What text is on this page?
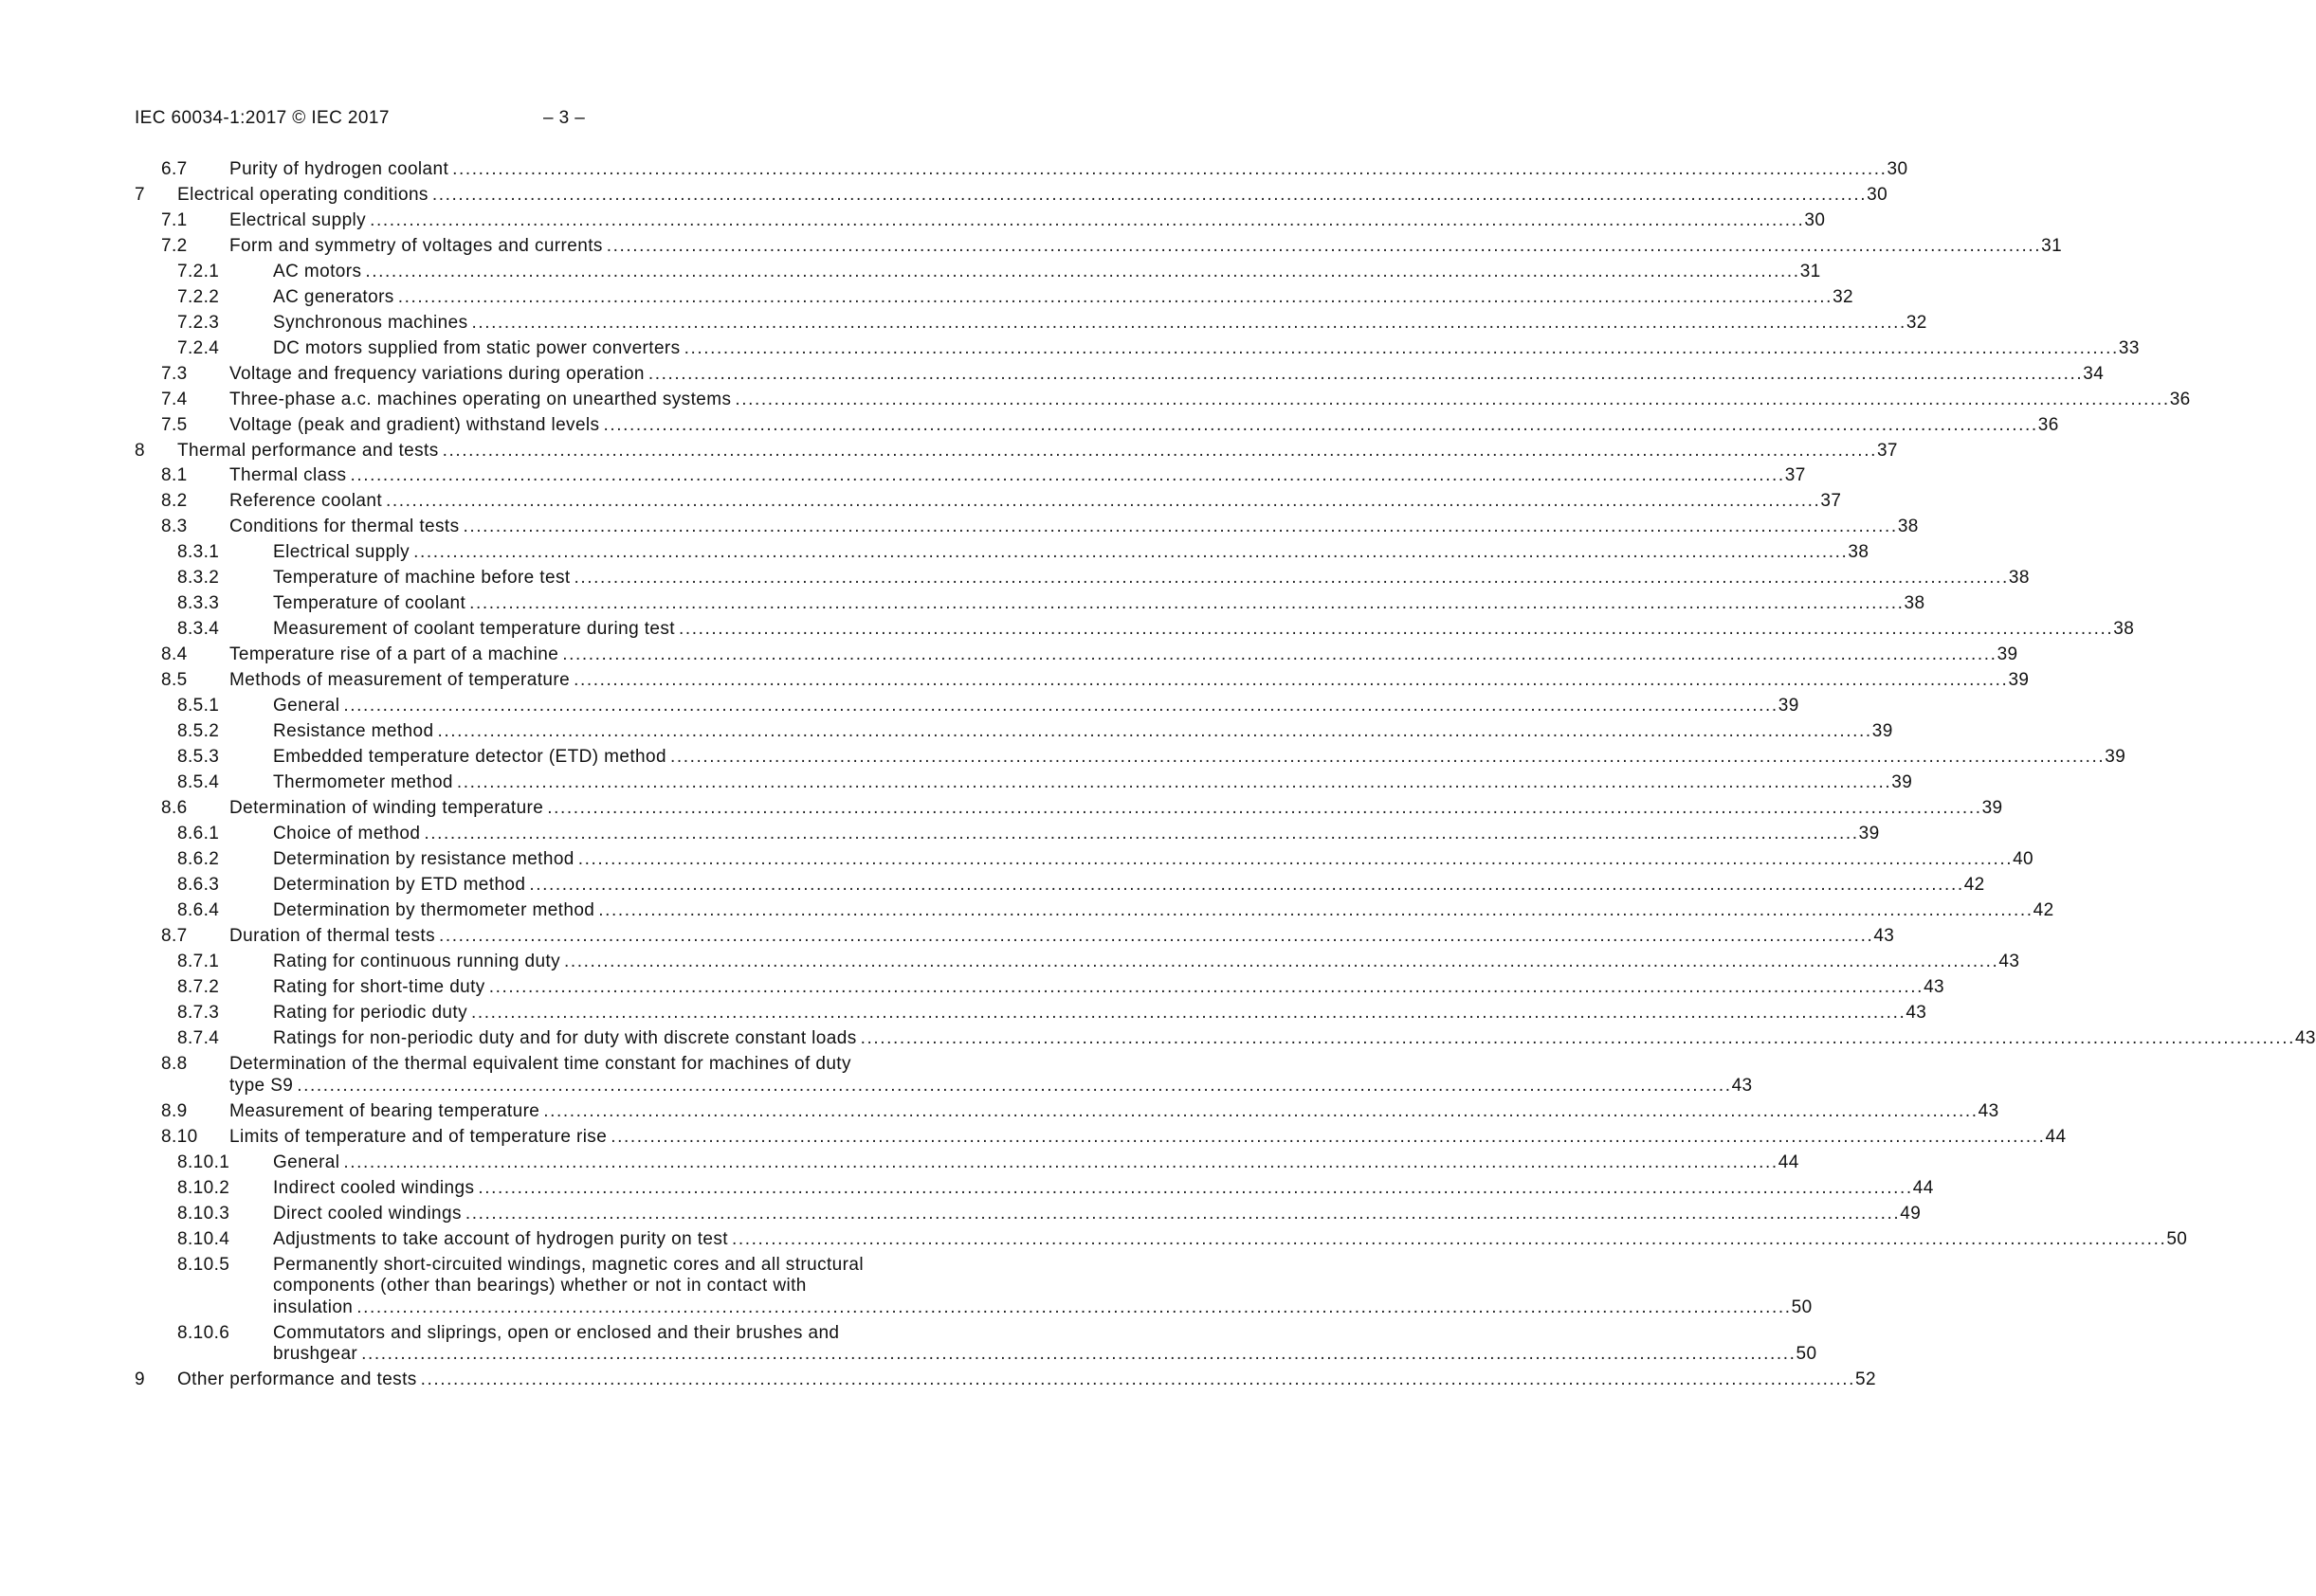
IEC 60034-1:2017 © IEC 2017	– 3 –
6.7 Purity of hydrogen coolant ............................................................................................................................................................................................................................ 30
7 Electrical operating conditions ............................................................................................................................................................................................................................ 30
7.1 Electrical supply ............................................................................................................................................................................................................................ 30
7.2 Form and symmetry of voltages and currents ............................................................................................................................................................................................................................ 31
7.2.1	AC motors ............................................................................................................................................................................................................................ 31
7.2.2	AC generators ............................................................................................................................................................................................................................ 32
7.2.3	Synchronous machines ............................................................................................................................................................................................................................ 32
7.2.4	DC motors supplied from static power converters ............................................................................................................................................................................................................................ 33
7.3 Voltage and frequency variations during operation ............................................................................................................................................................................................................................ 34
7.4 Three-phase a.c. machines operating on unearthed systems ............................................................................................................................................................................................................................ 36
7.5 Voltage (peak and gradient) withstand levels ............................................................................................................................................................................................................................ 36
8 Thermal performance and tests ............................................................................................................................................................................................................................ 37
8.1 Thermal class ............................................................................................................................................................................................................................ 37
8.2 Reference coolant ............................................................................................................................................................................................................................ 37
8.3 Conditions for thermal tests ............................................................................................................................................................................................................................ 38
8.3.1	Electrical supply ............................................................................................................................................................................................................................ 38
8.3.2	Temperature of machine before test ............................................................................................................................................................................................................................ 38
8.3.3	Temperature of coolant ............................................................................................................................................................................................................................ 38
8.3.4	Measurement of coolant temperature during test ............................................................................................................................................................................................................................ 38
8.4 Temperature rise of a part of a machine ............................................................................................................................................................................................................................ 39
8.5 Methods of measurement of temperature ............................................................................................................................................................................................................................ 39
8.5.1	General ............................................................................................................................................................................................................................ 39
8.5.2	Resistance method ............................................................................................................................................................................................................................ 39
8.5.3	Embedded temperature detector (ETD) method ............................................................................................................................................................................................................................ 39
8.5.4	Thermometer method ............................................................................................................................................................................................................................ 39
8.6 Determination of winding temperature ............................................................................................................................................................................................................................ 39
8.6.1	Choice of method ............................................................................................................................................................................................................................ 39
8.6.2	Determination by resistance method ............................................................................................................................................................................................................................ 40
8.6.3	Determination by ETD method ............................................................................................................................................................................................................................ 42
8.6.4	Determination by thermometer method ............................................................................................................................................................................................................................ 42
8.7 Duration of thermal tests ............................................................................................................................................................................................................................ 43
8.7.1	Rating for continuous running duty ............................................................................................................................................................................................................................ 43
8.7.2	Rating for short-time duty ............................................................................................................................................................................................................................ 43
8.7.3	Rating for periodic duty ............................................................................................................................................................................................................................ 43
8.7.4	Ratings for non-periodic duty and for duty with discrete constant loads ............................................................................................................................................................................................................................ 43
8.8 Determination of the thermal equivalent time constant for machines of duty
type S9 ............................................................................................................................................................................................................................ 43
8.9 Measurement of bearing temperature ............................................................................................................................................................................................................................ 43
8.10 Limits of temperature and of temperature rise ............................................................................................................................................................................................................................ 44
8.10.1 General ............................................................................................................................................................................................................................ 44
8.10.2 Indirect cooled windings ............................................................................................................................................................................................................................ 44
8.10.3 Direct cooled windings ............................................................................................................................................................................................................................ 49
8.10.4 Adjustments to take account of hydrogen purity on test ............................................................................................................................................................................................................................ 50
8.10.5 Permanently short-circuited windings, magnetic cores and all structural
components (other than bearings) whether or not in contact with
insulation ............................................................................................................................................................................................................................ 50
8.10.6 Commutators and sliprings, open or enclosed and their brushes and
brushgear ............................................................................................................................................................................................................................ 50
9 Other performance and tests ............................................................................................................................................................................................................................ 52
